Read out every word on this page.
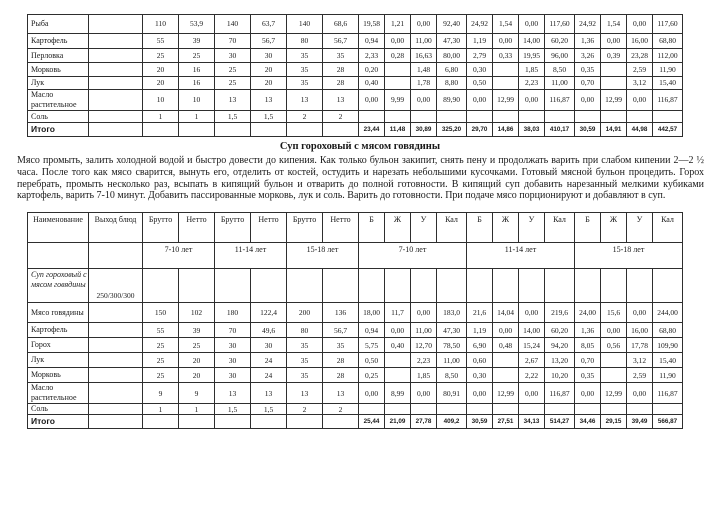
Рыба		110	53,9	140	63,7	140	68,6	19,58	1,21	0,00	92,40	24,92	1,54	0,00	117,60	24,92	1,54	0,00	117,60
Картофель		55	39	70	56,7	80	56,7	0,94	0,00	11,00	47,30	1,19	0,00	14,00	60,20	1,36	0,00	16,00	68,80
Перловка		25	25	30	30	35	35	2,33	0,28	16,63	80,00	2,79	0,33	19,95	96,00	3,26	0,39	23,28	112,00
Морковь		20	16	25	20	35	28	0,20		1,48	6,80	0,30		1,85	8,50	0,35		2,59	11,90
Лук		20	16	25	20	35	28	0,40		1,78	8,80	0,50		2,23	11,00	0,70		3,12	15,40
Масло растительное		10	10	13	13	13	13	0,00	9,99	0,00	89,90	0,00	12,99	0,00	116,87	0,00	12,99	0,00	116,87
Соль		1	1	1,5	1,5	2	2												
Итого								23,44	11,48	30,89	325,20	29,70	14,86	38,03	410,17	30,59	14,91	44,98	442,57
Суп гороховый с мясом говядины
Мясо промыть, залить холодной водой и быстро довести до кипения. Как только бульон закипит, снять пену и продолжать варить при слабом кипении 2—2 ½ часа. После того как мясо сварится, вынуть его, отделить от костей, остудить и нарезать небольшими кусочками. Готовый мясной бульон процедить. Горох перебрать, промыть несколько раз, всыпать в кипящий бульон и отварить до полной готовности. В кипящий суп добавить нарезанный мелкими кубиками картофель, варить 7-10 минут. Добавить пассированные морковь, лук и соль. Варить до готовности. При подаче мясо порционируют и добавляют в суп.
Наименование	Выход блюд	Брутто	Нетто	Брутто	Нетто	Брутто	Нетто	Б	Ж	У	Кал	Б	Ж	У	Кал	Б	Ж	У	Кал
		7-10 лет		11-14 лет		15-18 лет		7-10 лет				11-14 лет				15-18 лет			
Суп гороховый с мясом говядины	250/300/300																		
Мясо говядины		150	102	180	122,4	200	136	18,00	11,7	0,00	183,0	21,6	14,04	0,00	219,6	24,00	15,6	0,00	244,00
Картофель		55	39	70	49,6	80	56,7	0,94	0,00	11,00	47,30	1,19	0,00	14,00	60,20	1,36	0,00	16,00	68,80
Горох		25	25	30	30	35	35	5,75	0,40	12,70	78,50	6,90	0,48	15,24	94,20	8,05	0,56	17,78	109,90
Лук		25	20	30	24	35	28	0,50		2,23	11,00	0,60		2,67	13,20	0,70		3,12	15,40
Морковь		25	20	30	24	35	28	0,25		1,85	8,50	0,30		2,22	10,20	0,35		2,59	11,90
Масло растительное		9	9	13	13	13	13	0,00	8,99	0,00	80,91	0,00	12,99	0,00	116,87	0,00	12,99	0,00	116,87
Соль		1	1	1,5	1,5	2	2												
Итого								25,44	21,09	27,78	409,2	30,59	27,51	34,13	514,27	34,46	29,15	39,49	566,87
